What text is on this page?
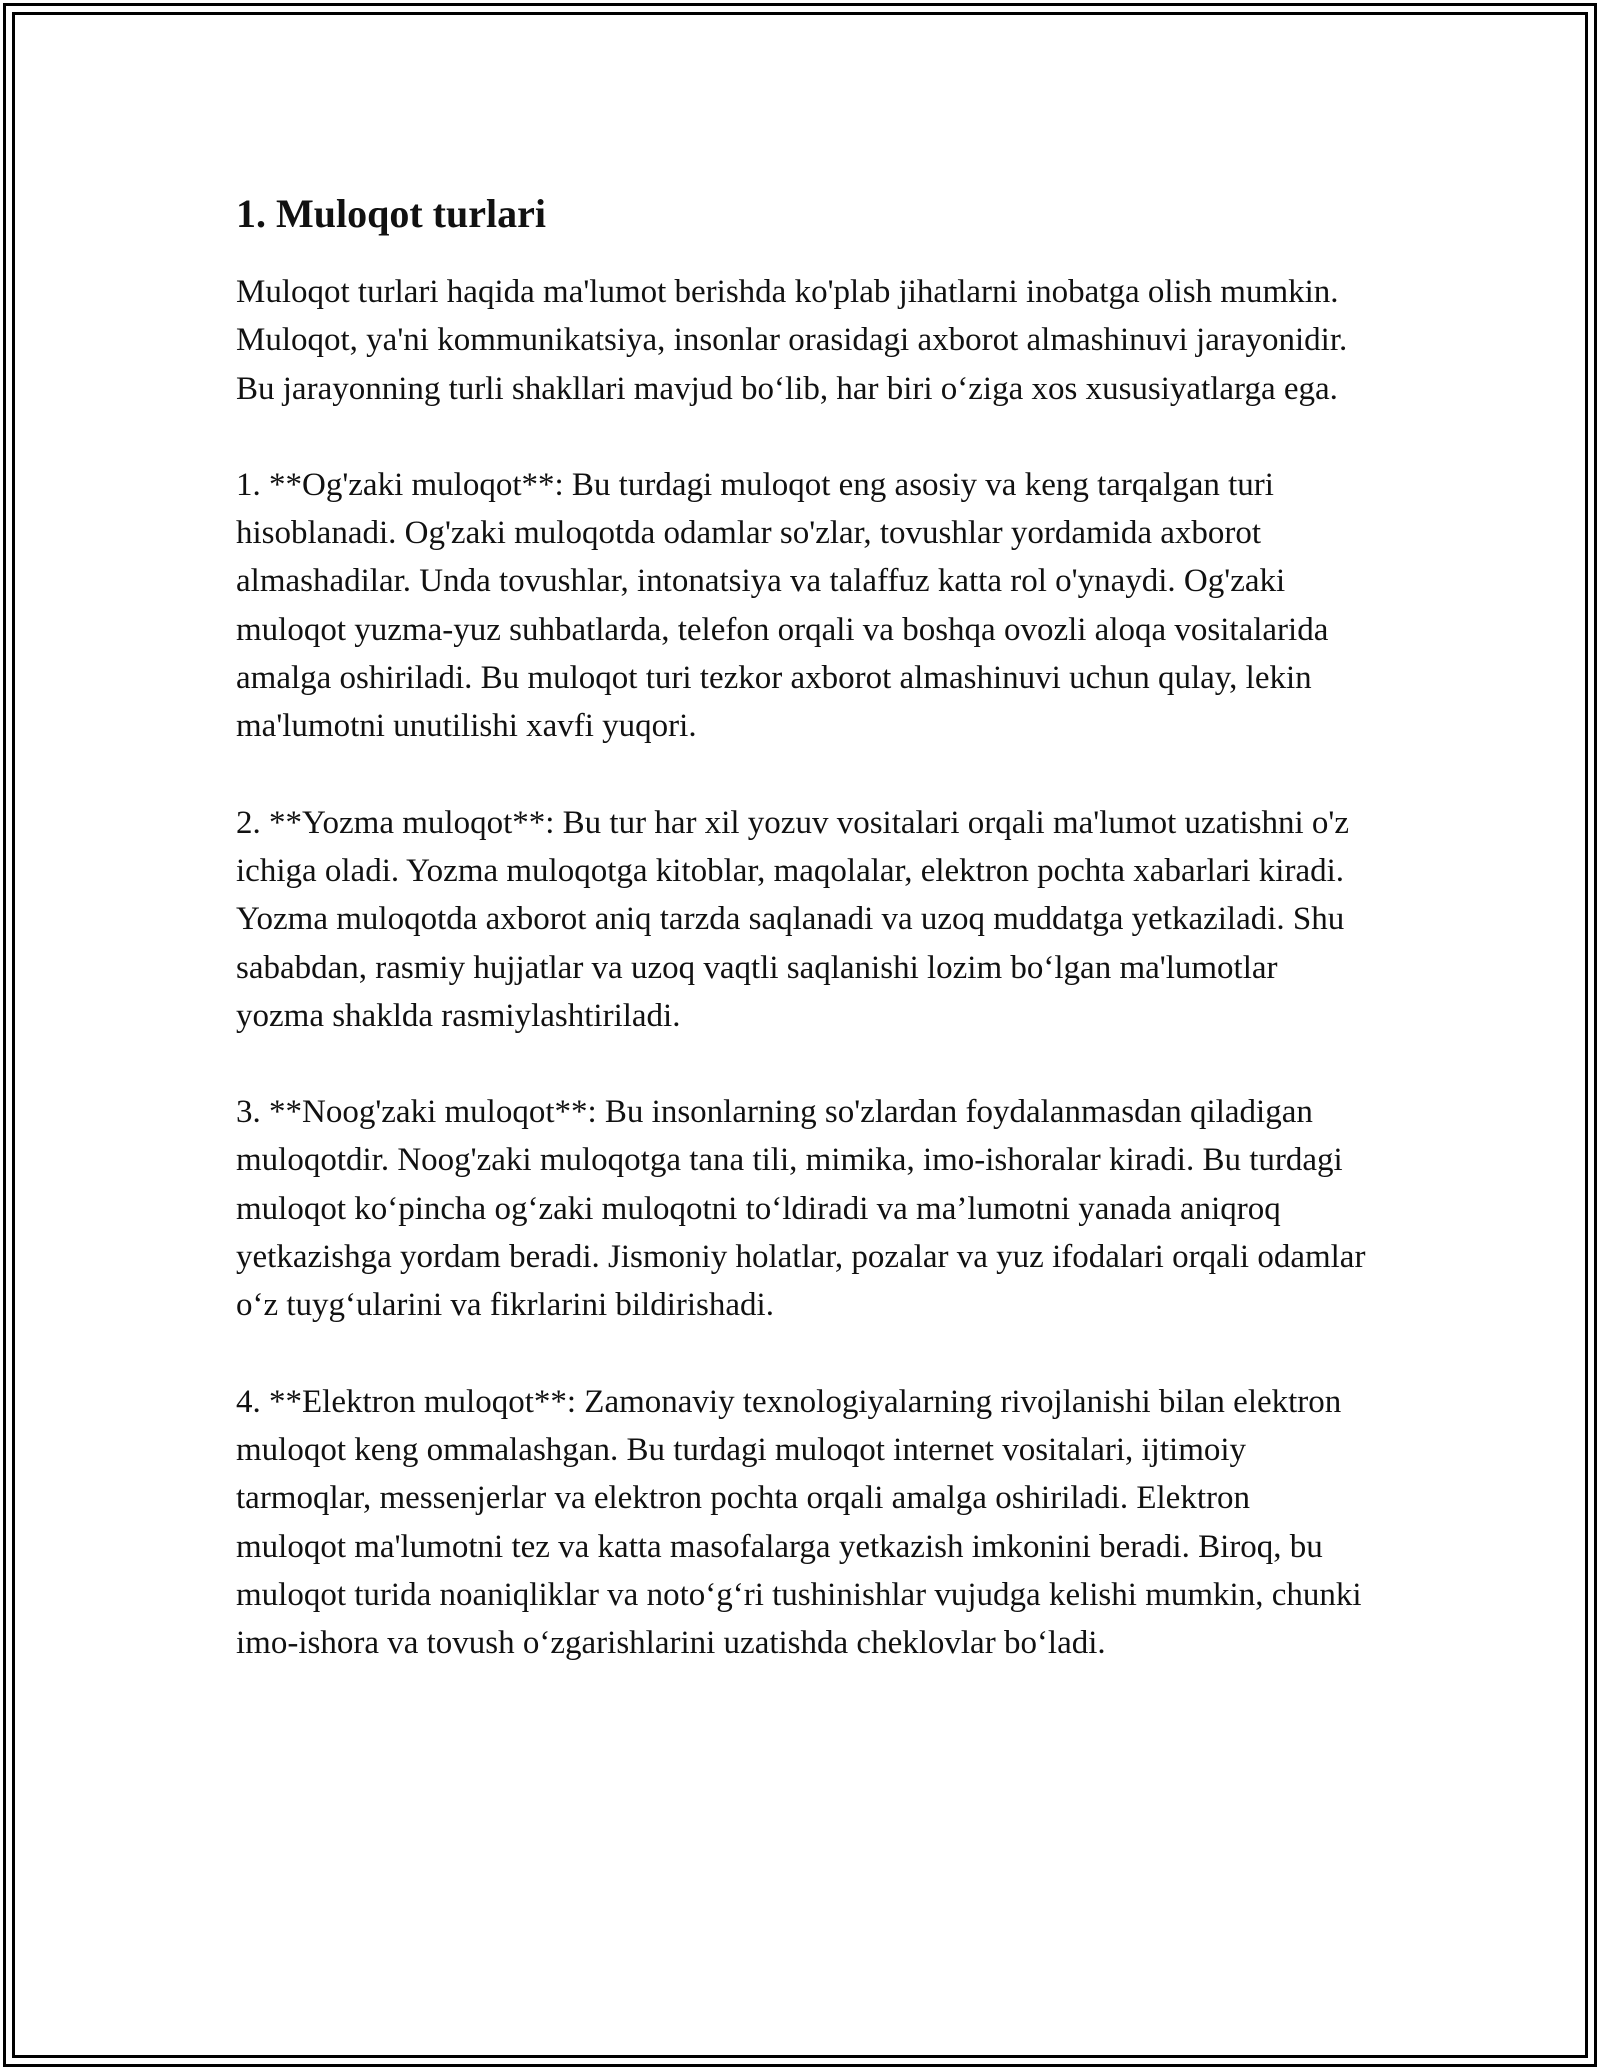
1. Muloqot turlari

Muloqot turlari haqida ma'lumot berishda ko'plab jihatlarni inobatga olish mumkin. Muloqot, ya'ni kommunikatsiya, insonlar orasidagi axborot almashinuvi jarayonidir. Bu jarayonning turli shakllari mavjud bo‘lib, har biri o‘ziga xos xususiyatlarga ega.

1. **Og'zaki muloqot**: Bu turdagi muloqot eng asosiy va keng tarqalgan turi hisoblanadi. Og'zaki muloqotda odamlar so'zlar, tovushlar yordamida axborot almashadilar. Unda tovushlar, intonatsiya va talaffuz katta rol o'ynaydi. Og'zaki muloqot yuzma-yuz suhbatlarda, telefon orqali va boshqa ovozli aloqa vositalarida amalga oshiriladi. Bu muloqot turi tezkor axborot almashinuvi uchun qulay, lekin ma'lumotni unutilishi xavfi yuqori.

2. **Yozma muloqot**: Bu tur har xil yozuv vositalari orqali ma'lumot uzatishni o'z ichiga oladi. Yozma muloqotga kitoblar, maqolalar, elektron pochta xabarlari kiradi. Yozma muloqotda axborot aniq tarzda saqlanadi va uzoq muddatga yetkaziladi. Shu sababdan, rasmiy hujjatlar va uzoq vaqtli saqlanishi lozim bo‘lgan ma'lumotlar yozma shaklda rasmiylashtiriladi.

3. **Noog'zaki muloqot**: Bu insonlarning so'zlardan foydalanmasdan qiladigan muloqotdir. Noog'zaki muloqotga tana tili, mimika, imo-ishoralar kiradi. Bu turdagi muloqot ko‘pincha og‘zaki muloqotni to‘ldiradi va ma’lumotni yanada aniqroq yetkazishga yordam beradi. Jismoniy holatlar, pozalar va yuz ifodalari orqali odamlar o‘z tuyg‘ularini va fikrlarini bildirishadi.

4. **Elektron muloqot**: Zamonaviy texnologiyalarning rivojlanishi bilan elektron muloqot keng ommalashgan. Bu turdagi muloqot internet vositalari, ijtimoiy tarmoqlar, messenjerlar va elektron pochta orqali amalga oshiriladi. Elektron muloqot ma'lumotni tez va katta masofalarga yetkazish imkonini beradi. Biroq, bu muloqot turida noaniqliklar va noto‘g‘ri tushinishlar vujudga kelishi mumkin, chunki imo-ishora va tovush o‘zgarishlarini uzatishda cheklovlar bo‘ladi.
